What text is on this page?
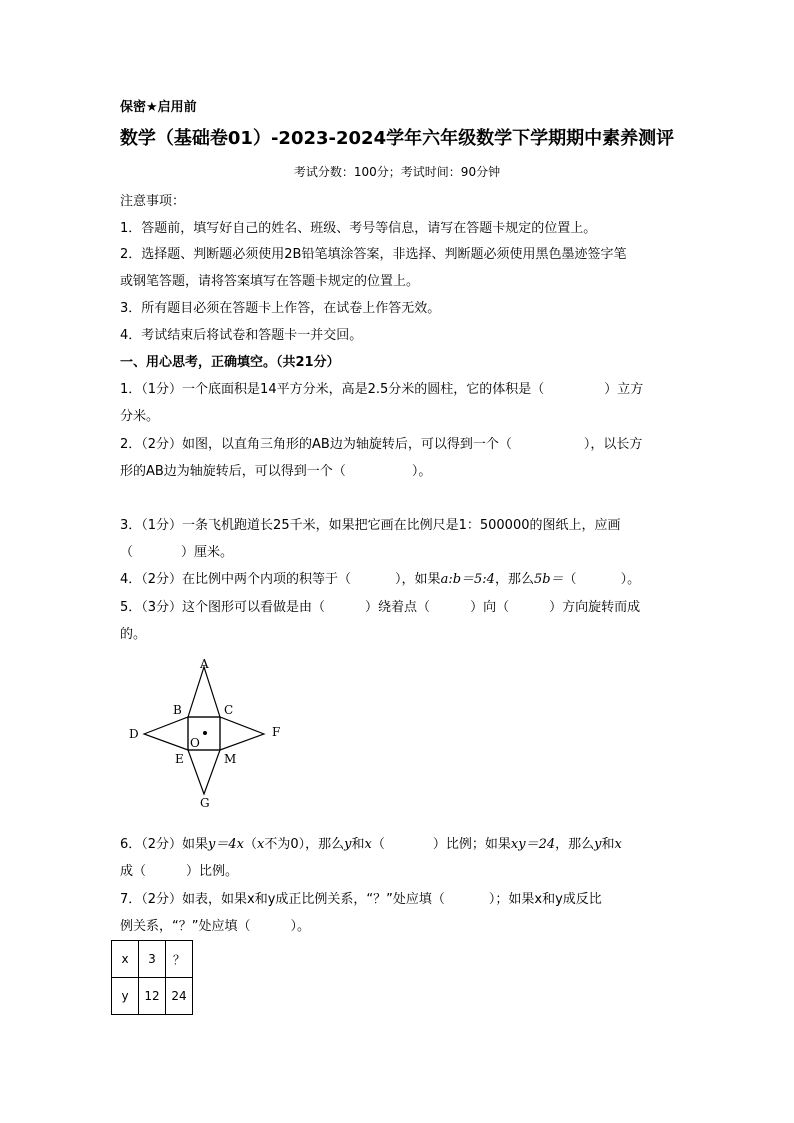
保密★启用前
数学（基础卷01）-2023-2024学年六年级数学下学期期中素养测评
考试分数：100分；考试时间：90分钟
注意事项：
1．答题前，填写好自己的姓名、班级、考号等信息，请写在答题卡规定的位置上。
2．选择题、判断题必须使用2B铅笔填涂答案，非选择、判断题必须使用黑色墨迹签字笔
或钢笔答题，请将答案填写在答题卡规定的位置上。
3．所有题目必须在答题卡上作答，在试卷上作答无效。
4．考试结束后将试卷和答题卡一并交回。
一、用心思考，正确填空。（共21分）
1．（1分）一个底面积是14平方分米，高是2.5分米的圆柱，它的体积是（	）立方
分米。
2．（2分）如图，以直角三角形的AB边为轴旋转后，可以得到一个（	），以长方
形的AB边为轴旋转后，可以得到一个（	）。
3．（1分）一条飞机跑道长25千米，如果把它画在比例尺是1：500000的图纸上，应画
（	）厘米。
4．（2分）在比例中两个内项的积等于（	），如果a:b＝5:4，那么5b＝（	）。
5．（3分）这个图形可以看做是由（	）绕着点（	）向（	）方向旋转而成
的。
A
B	C
D
O
F
E	M
G
6．（2分）如果y＝4x（x不为0），那么y和x（	）比例；如果xy＝24，那么y和x
成（	）比例。
7．（2分）如表，如果x和y成正比例关系，“？”处应填（	）；如果x和y成反比
例关系，“？”处应填（	）。
x	3	？
y	12	24
